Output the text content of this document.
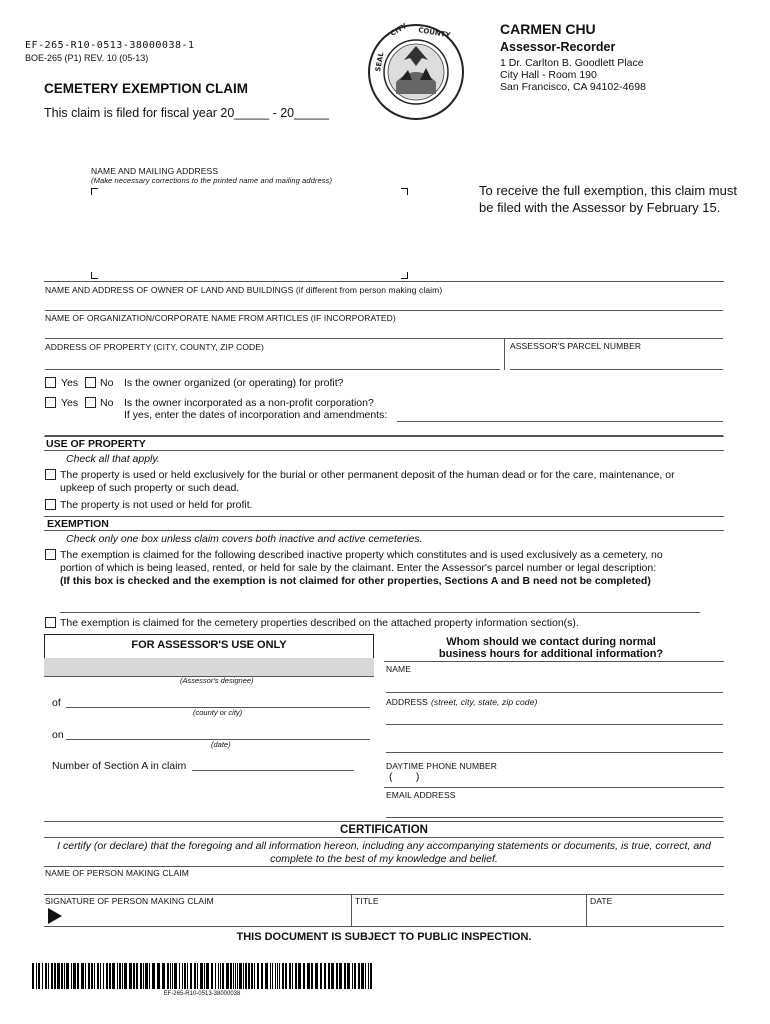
EF-265-R10-0513-38000038-1
BOE-265 (P1) REV. 10 (05-13)
CEMETERY EXEMPTION CLAIM
This claim is filed for fiscal year 20_____ - 20_____
SEAL
CITY COUNTY	CARMEN CHU
Assessor-Recorder
1 Dr. Carlton B. Goodlett Place
City Hall - Room 190
San Francisco, CA 94102-4698
NAME AND MAILING ADDRESS
(Make necessary corrections to the printed name and mailing address)
To receive the full exemption, this claim must be filed with the Assessor by February 15.
NAME AND ADDRESS OF OWNER OF LAND AND BUILDINGS (if different from person making claim)
NAME OF ORGANIZATION/CORPORATE NAME FROM ARTICLES (IF INCORPORATED)
ADDRESS OF PROPERTY (CITY, COUNTY, ZIP CODE)	ASSESSOR'S PARCEL NUMBER
Yes No Is the owner organized (or operating) for profit?
Yes No Is the owner incorporated as a non-profit corporation?
If yes, enter the dates of incorporation and amendments:
USE OF PROPERTY
Check all that apply.
The property is used or held exclusively for the burial or other permanent deposit of the human dead or for the care, maintenance, or
upkeep of such property or such dead.
The property is not used or held for profit.
EXEMPTION
Check only one box unless claim covers both inactive and active cemeteries.
The exemption is claimed for the following described inactive property which constitutes and is used exclusively as a cemetery, no
portion of which is being leased, rented, or held for sale by the claimant. Enter the Assessor's parcel number or legal description:
(If this box is checked and the exemption is not claimed for other properties, Sections A and B need not be completed)
The exemption is claimed for the cemetery properties described on the attached property information section(s).
FOR ASSESSOR'S USE ONLY
(Assessor's designee)
of
(county or city)
on
(date)
Number of Section A in claim
Whom should we contact during normal
business hours for additional information?
NAME
ADDRESS (street, city, state, zip code)
DAYTIME PHONE NUMBER
(        )
EMAIL ADDRESS
CERTIFICATION
I certify (or declare) that the foregoing and all information hereon, including any accompanying statements or documents, is true, correct, and
complete to the best of my knowledge and belief.
NAME OF PERSON MAKING CLAIM
SIGNATURE OF PERSON MAKING CLAIM	TITLE	DATE
THIS DOCUMENT IS SUBJECT TO PUBLIC INSPECTION.
EF-265-R10-0513-38000038
